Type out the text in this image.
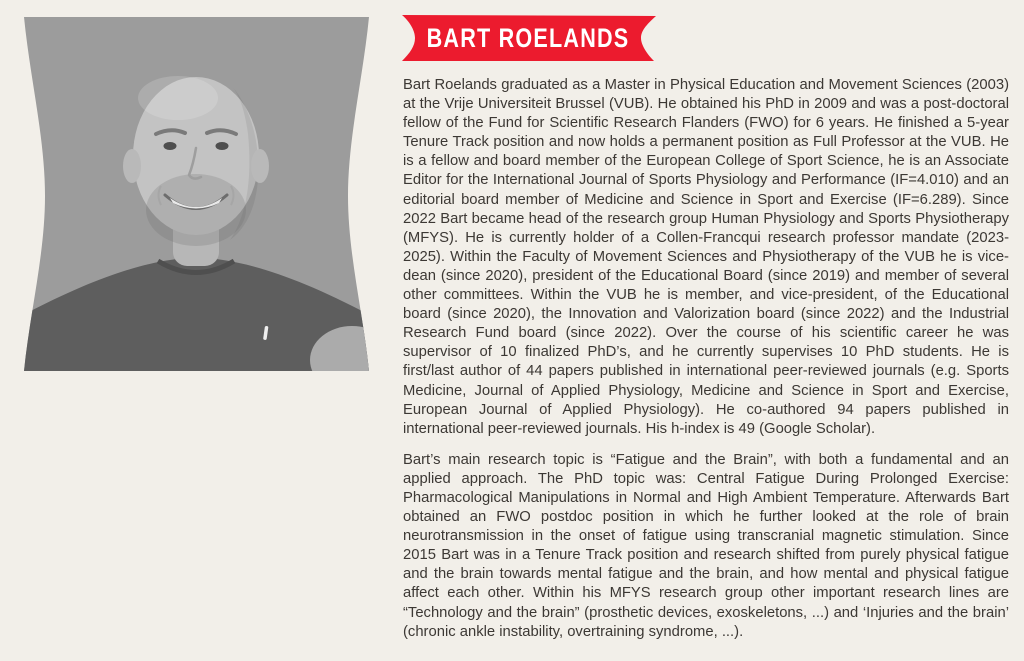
BART ROELANDS

Bart Roelands graduated as a Master in Physical Education and Movement Sciences (2003) at the Vrije Universiteit Brussel (VUB). He obtained his PhD in 2009 and was a post-doctoral fellow of the Fund for Scientific Research Flanders (FWO) for 6 years. He finished a 5-year Tenure Track position and now holds a permanent position as Full Professor at the VUB. He is a fellow and board member of the European College of Sport Science, he is an Associate Editor for the International Journal of Sports Physiology and Performance (IF=4.010) and an editorial board member of Medicine and Science in Sport and Exercise (IF=6.289). Since 2022 Bart became head of the research group Human Physiology and Sports Physiotherapy (MFYS). He is currently holder of a Collen-Francqui research professor mandate (2023-2025). Within the Faculty of Movement Sciences and Physiotherapy of the VUB he is vice-dean (since 2020), president of the Educational Board (since 2019) and member of several other committees. Within the VUB he is member, and vice-president, of the Educational board (since 2020), the Innovation and Valorization board (since 2022) and the Industrial Research Fund board (since 2022). Over the course of his scientific career he was supervisor of 10 finalized PhD’s, and he currently supervises 10 PhD students. He is first/last author of 44 papers published in international peer-reviewed journals (e.g. Sports Medicine, Journal of Applied Physiology, Medicine and Science in Sport and Exercise, European Journal of Applied Physiology). He co-authored 94 papers published in international peer-reviewed journals. His h-index is 49 (Google Scholar).

Bart’s main research topic is “Fatigue and the Brain”, with both a fundamental and an applied approach. The PhD topic was: Central Fatigue During Prolonged Exercise: Pharmacological Manipulations in Normal and High Ambient Temperature. Afterwards Bart obtained an FWO postdoc position in which he further looked at the role of brain neurotransmission in the onset of fatigue using transcranial magnetic stimulation. Since 2015 Bart was in a Tenure Track position and research shifted from purely physical fatigue and the brain towards mental fatigue and the brain, and how mental and physical fatigue affect each other. Within his MFYS research group other important research lines are “Technology and the brain” (prosthetic devices, exoskeletons, ...) and ‘Injuries and the brain’ (chronic ankle instability, overtraining syndrome, ...).
